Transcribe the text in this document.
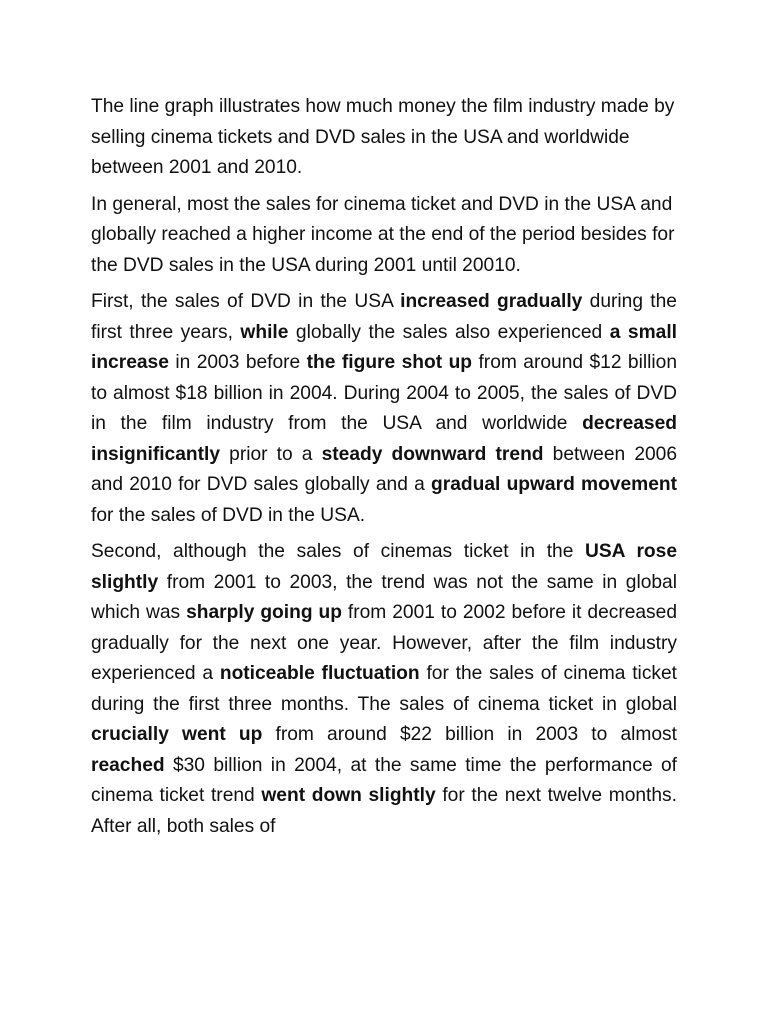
The line graph illustrates how much money the film industry made by selling cinema tickets and DVD sales in the USA and worldwide between 2001 and 2010.

In general, most the sales for cinema ticket and DVD in the USA and globally reached a higher income at the end of the period besides for the DVD sales in the USA during 2001 until 20010.

First, the sales of DVD in the USA increased gradually during the first three years, while globally the sales also experienced a small increase in 2003 before the figure shot up from around $12 billion to almost $18 billion in 2004. During 2004 to 2005, the sales of DVD in the film industry from the USA and worldwide decreased insignificantly prior to a steady downward trend between 2006 and 2010 for DVD sales globally and a gradual upward movement for the sales of DVD in the USA.

Second, although the sales of cinemas ticket in the USA rose slightly from 2001 to 2003, the trend was not the same in global which was sharply going up from 2001 to 2002 before it decreased gradually for the next one year. However, after the film industry experienced a noticeable fluctuation for the sales of cinema ticket during the first three months. The sales of cinema ticket in global crucially went up from around $22 billion in 2003 to almost reached $30 billion in 2004, at the same time the performance of cinema ticket trend went down slightly for the next twelve months. After all, both sales of
